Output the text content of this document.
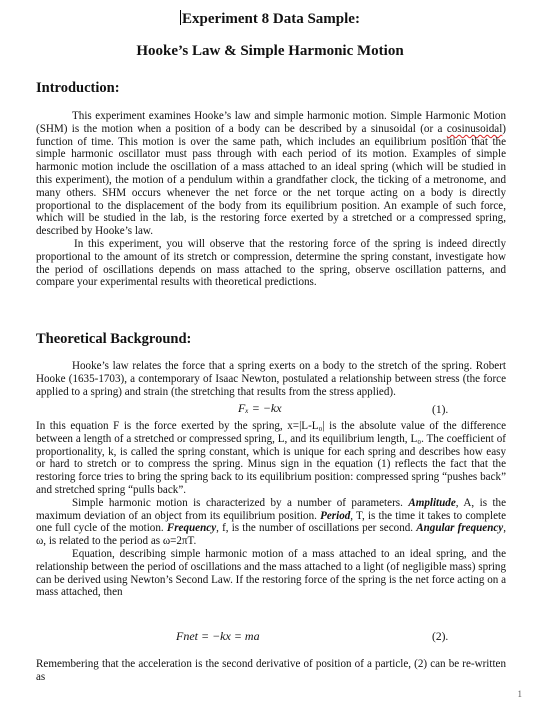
Experiment 8 Data Sample:
Hooke’s Law & Simple Harmonic Motion
Introduction:

This experiment examines Hooke’s law and simple harmonic motion. Simple Harmonic Motion (SHM) is the motion when a position of a body can be described by a sinusoidal (or a cosinusoidal) function of time. This motion is over the same path, which includes an equilibrium position that the simple harmonic oscillator must pass through with each period of its motion. Examples of simple harmonic motion include the oscillation of a mass attached to an ideal spring (which will be studied in this experiment), the motion of a pendulum within a grandfather clock, the ticking of a metronome, and many others. SHM occurs whenever the net force or the net torque acting on a body is directly proportional to the displacement of the body from its equilibrium position. An example of such force, which will be studied in the lab, is the restoring force exerted by a stretched or a compressed spring, described by Hooke’s law.

In this experiment, you will observe that the restoring force of the spring is indeed directly proportional to the amount of its stretch or compression, determine the spring constant, investigate how the period of oscillations depends on mass attached to the spring, observe oscillation patterns, and compare your experimental results with theoretical predictions.

Theoretical Background:

Hooke’s law relates the force that a spring exerts on a body to the stretch of the spring. Robert Hooke (1635-1703), a contemporary of Isaac Newton, postulated a relationship between stress (the force applied to a spring) and strain (the stretching that results from the stress applied).

Fₓ = −kx	(1).

In this equation F is the force exerted by the spring, x=|L-L₀| is the absolute value of the difference between a length of a stretched or compressed spring, L, and its equilibrium length, L₀. The coefficient of proportionality, k, is called the spring constant, which is unique for each spring and describes how easy or hard to stretch or to compress the spring. Minus sign in the equation (1) reflects the fact that the restoring force tries to bring the spring back to its equilibrium position: compressed spring “pushes back” and stretched spring “pulls back”.

Simple harmonic motion is characterized by a number of parameters. Amplitude, A, is the maximum deviation of an object from its equilibrium position. Period, T, is the time it takes to complete one full cycle of the motion. Frequency, f, is the number of oscillations per second. Angular frequency, ω, is related to the period as ω=2πT.

Equation, describing simple harmonic motion of a mass attached to an ideal spring, and the relationship between the period of oscillations and the mass attached to a light (of negligible mass) spring can be derived using Newton’s Second Law. If the restoring force of the spring is the net force acting on a mass attached, then

Fnet = −kx = ma	(2).
Remembering that the acceleration is the second derivative of position of a particle, (2) can be re-written as
1
